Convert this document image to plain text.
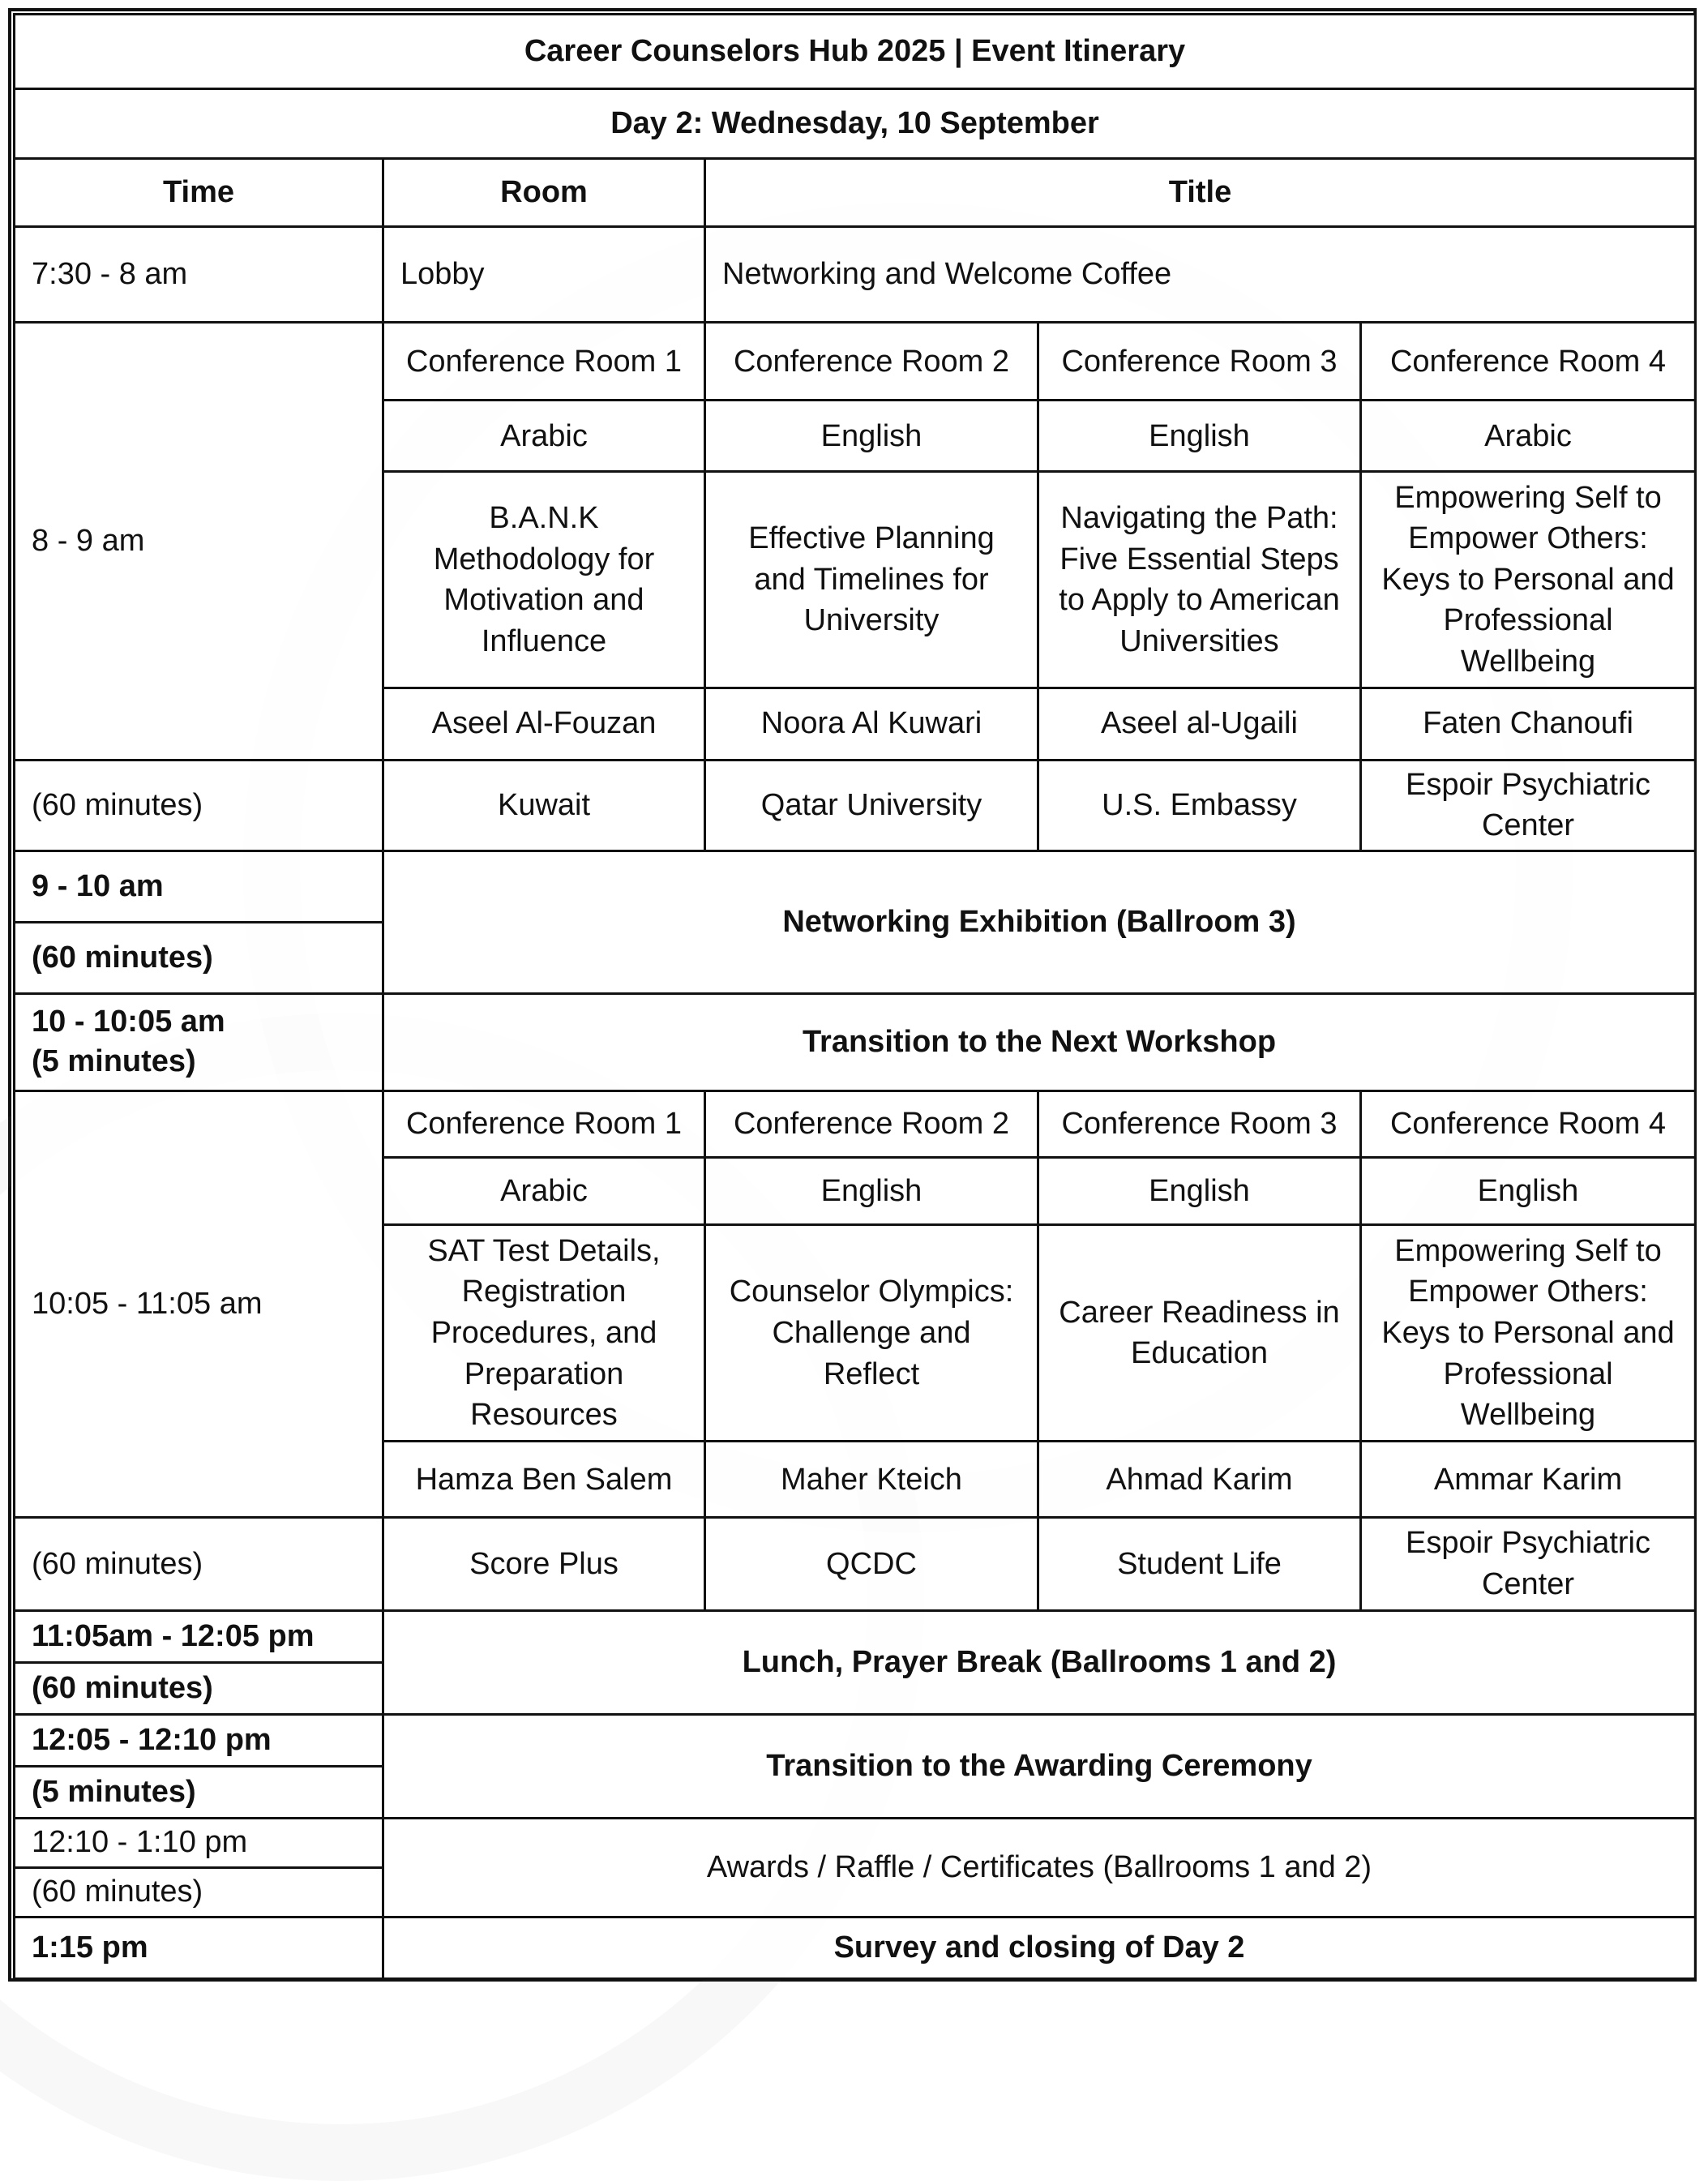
Career Counselors Hub 2025 | Event Itinerary				
Day 2: Wednesday, 10 September				
Time	Room	Title		
7:30 - 8 am	Lobby	Networking and Welcome Coffee		
8 - 9 am	Conference Room 1	Conference Room 2	Conference Room 3	Conference Room 4
	Arabic	English	English	Arabic
	B.A.N.K Methodology for Motivation and Influence	Effective Planning and Timelines for University	Navigating the Path: Five Essential Steps to Apply to American Universities	Empowering Self to Empower Others: Keys to Personal and Professional Wellbeing
	Aseel Al-Fouzan	Noora Al Kuwari	Aseel al-Ugaili	Faten Chanoufi
(60 minutes)	Kuwait	Qatar University	U.S. Embassy	Espoir Psychiatric Center
9 - 10 am	Networking Exhibition (Ballroom 3)			
(60 minutes)				

10 - 10:05 am
(5 minutes)	Transition to the Next Workshop			
10:05 - 11:05 am	Conference Room 1	Conference Room 2	Conference Room 3	Conference Room 4
	Arabic	English	English	English
	SAT Test Details, Registration Procedures, and Preparation Resources	Counselor Olympics: Challenge and Reflect	Career Readiness in Education	Empowering Self to Empower Others: Keys to Personal and Professional Wellbeing
	Hamza Ben Salem	Maher Kteich	Ahmad Karim	Ammar Karim
(60 minutes)	Score Plus	QCDC	Student Life	Espoir Psychiatric Center
11:05am - 12:05 pm	Lunch, Prayer Break (Ballrooms 1 and 2)			
(60 minutes)				
12:05 - 12:10 pm	Transition to the Awarding Ceremony			
(5 minutes)				
12:10 - 1:10 pm	Awards / Raffle / Certificates (Ballrooms 1 and 2)			
(60 minutes)				
1:15 pm	Survey and closing of Day 2			
